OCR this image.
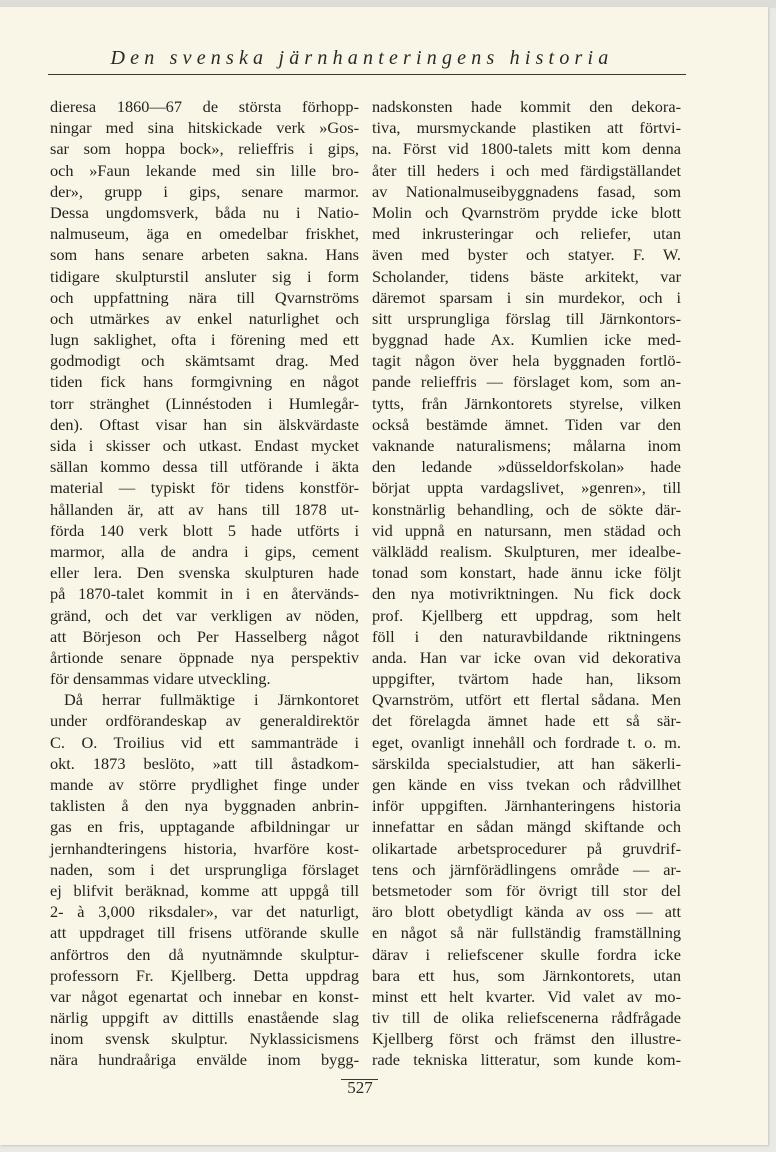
Den svenska järnhanteringens historia
dieresa 1860—67 de största förhopp-
ningar med sina hitskickade verk »Gos-
sar som hoppa bock», relieffris i gips,
och »Faun lekande med sin lille bro-
der», grupp i gips, senare marmor.
Dessa ungdomsverk, båda nu i Natio-
nalmuseum, äga en omedelbar friskhet,
som hans senare arbeten sakna. Hans
tidigare skulpturstil ansluter sig i form
och uppfattning nära till Qvarnströms
och utmärkes av enkel naturlighet och
lugn saklighet, ofta i förening med ett
godmodigt och skämtsamt drag. Med
tiden fick hans formgivning en något
torr stränghet (Linnéstoden i Humlegår-
den). Oftast visar han sin älskvärdaste
sida i skisser och utkast. Endast mycket
sällan kommo dessa till utförande i äkta
material — typiskt för tidens konstför-
hållanden är, att av hans till 1878 ut-
förda 140 verk blott 5 hade utförts i
marmor, alla de andra i gips, cement
eller lera. Den svenska skulpturen hade
på 1870-talet kommit in i en återvänds-
gränd, och det var verkligen av nöden,
att Börjeson och Per Hasselberg något
årtionde senare öppnade nya perspektiv
för densammas vidare utveckling.
Då herrar fullmäktige i Järnkontoret
under ordförandeskap av generaldirektör
C. O. Troilius vid ett sammanträde i
okt. 1873 beslöto, »att till åstadkom-
mande av större prydlighet finge under
taklisten å den nya byggnaden anbrin-
gas en fris, upptagande afbildningar ur
jernhandteringens historia, hvarföre kost-
naden, som i det ursprungliga förslaget
ej blifvit beräknad, komme att uppgå till
2- à 3,000 riksdaler», var det naturligt,
att uppdraget till frisens utförande skulle
anförtros den då nyutnämnde skulptur-
professorn Fr. Kjellberg. Detta uppdrag
var något egenartat och innebar en konst-
närlig uppgift av dittills enastående slag
inom svensk skulptur. Nyklassicismens
nära hundraåriga envälde inom bygg-
nadskonsten hade kommit den dekora-
tiva, mursmyckande plastiken att förtvi-
na. Först vid 1800-talets mitt kom denna
åter till heders i och med färdigställandet
av Nationalmuseibyggnadens fasad, som
Molin och Qvarnström prydde icke blott
med inkrusteringar och reliefer, utan
även med byster och statyer. F. W.
Scholander, tidens bäste arkitekt, var
däremot sparsam i sin murdekor, och i
sitt ursprungliga förslag till Järnkontors-
byggnad hade Ax. Kumlien icke med-
tagit någon över hela byggnaden fortlö-
pande relieffris — förslaget kom, som an-
tytts, från Järnkontorets styrelse, vilken
också bestämde ämnet. Tiden var den
vaknande naturalismens; målarna inom
den ledande »düsseldorfskolan» hade
börjat uppta vardagslivet, »genren», till
konstnärlig behandling, och de sökte där-
vid uppnå en natursann, men städad och
välklädd realism. Skulpturen, mer idealbe-
tonad som konstart, hade ännu icke följt
den nya motivriktningen. Nu fick dock
prof. Kjellberg ett uppdrag, som helt
föll i den naturavbildande riktningens
anda. Han var icke ovan vid dekorativa
uppgifter, tvärtom hade han, liksom
Qvarnström, utfört ett flertal sådana. Men
det förelagda ämnet hade ett så sär-
eget, ovanligt innehåll och fordrade t. o. m.
särskilda specialstudier, att han säkerli-
gen kände en viss tvekan och rådvillhet
inför uppgiften. Järnhanteringens historia
innefattar en sådan mängd skiftande och
olikartade arbetsprocedurer på gruvdrif-
tens och järnförädlingens område — ar-
betsmetoder som för övrigt till stor del
äro blott obetydligt kända av oss — att
en något så när fullständig framställning
därav i reliefscener skulle fordra icke
bara ett hus, som Järnkontorets, utan
minst ett helt kvarter. Vid valet av mo-
tiv till de olika reliefscenerna rådfrågade
Kjellberg först och främst den illustre-
rade tekniska litteratur, som kunde kom-
527
